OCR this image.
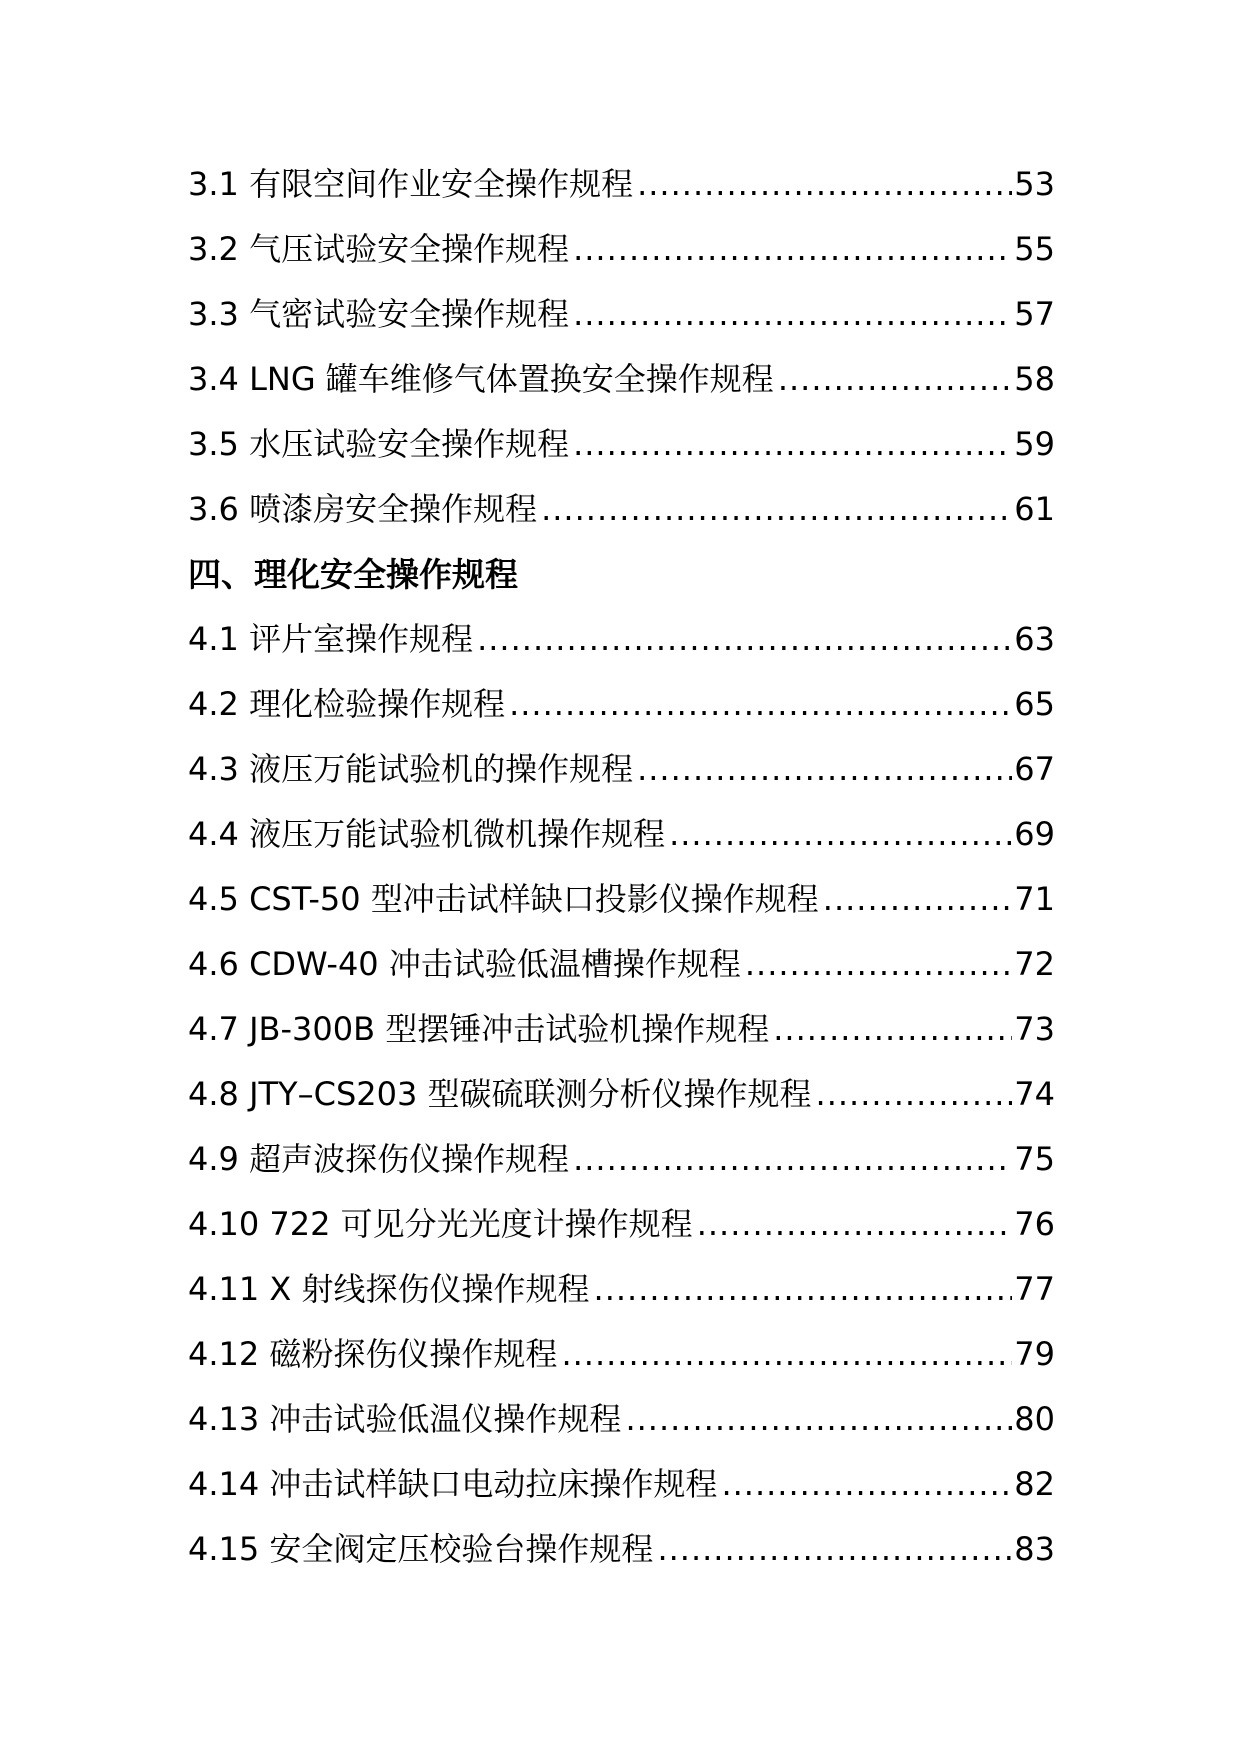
3.1 有限空间作业安全操作规程 .....	53
3.2 气压试验安全操作规程 .....	55
3.3 气密试验安全操作规程 .....	57
3.4 LNG 罐车维修气体置换安全操作规程 .....	58
3.5 水压试验安全操作规程 .....	59
3.6 喷漆房安全操作规程 .....	61
四、理化安全操作规程
4.1 评片室操作规程 .....	63
4.2 理化检验操作规程 .....	65
4.3 液压万能试验机的操作规程 .....	67
4.4 液压万能试验机微机操作规程 .....	69
4.5 CST-50 型冲击试样缺口投影仪操作规程 .....	71
4.6 CDW-40 冲击试验低温槽操作规程 .....	72
4.7 JB-300B 型摆锤冲击试验机操作规程 .....	73
4.8 JTY–CS203 型碳硫联测分析仪操作规程 .....	74
4.9 超声波探伤仪操作规程 .....	75
4.10 722 可见分光光度计操作规程 .....	76
4.11 X 射线探伤仪操作规程 .....	77
4.12 磁粉探伤仪操作规程 .....	79
4.13 冲击试验低温仪操作规程 .....	80
4.14 冲击试样缺口电动拉床操作规程 .....	82
4.15 安全阀定压校验台操作规程 .....	83
